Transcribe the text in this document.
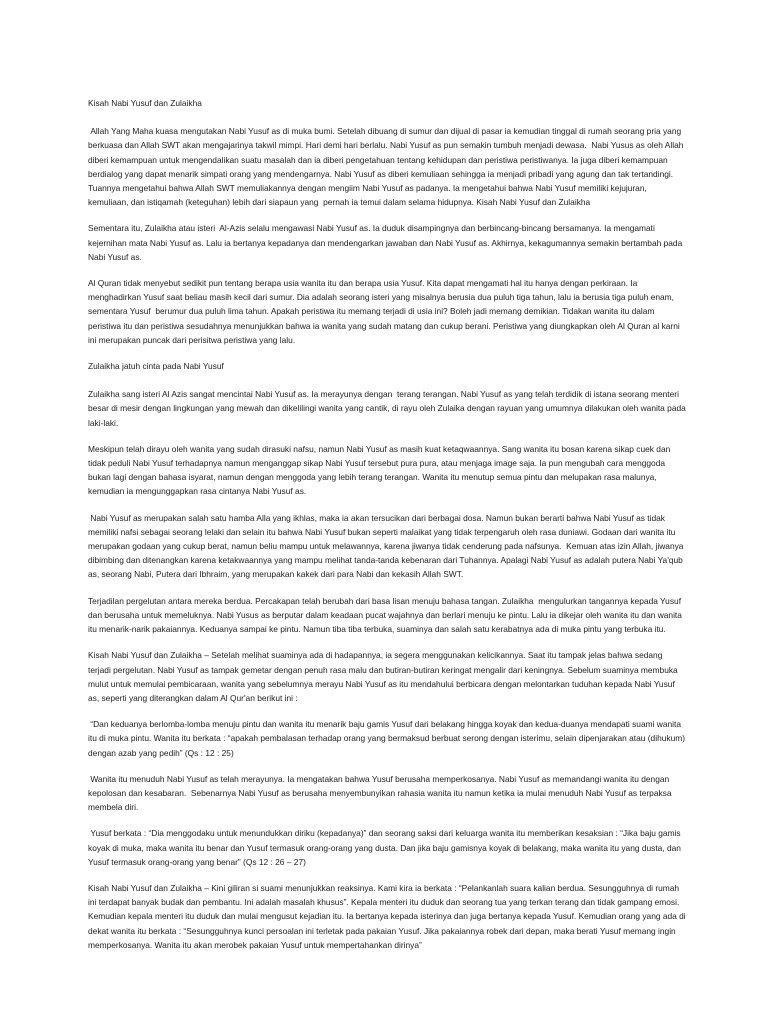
Kisah Nabi Yusuf dan Zulaikha

Allah Yang Maha kuasa mengutakan Nabi Yusuf as di muka bumi. Setelah dibuang di sumur dan dijual di pasar ia kemudian tinggal di rumah seorang pria yang berkuasa dan Allah SWT akan mengajarinya takwil mimpi. Hari demi hari berlalu. Nabi Yusuf as pun semakin tumbuh menjadi dewasa.  Nabi Yusus as oleh Allah diberi kemampuan untuk mengendalikan suatu masalah dan ia diberi pengetahuan tentang kehidupan dan peristiwa peristiwanya. Ia juga diberi kemampuan berdialog yang dapat menarik simpati orang yang mendengarnya. Nabi Yusuf as diberi kemuliaan sehingga ia menjadi pribadi yang agung dan tak tertandingi.  Tuannya mengetahui bahwa Allah SWT memuliakannya dengan mengiim Nabi Yusuf as padanya. Ia mengetahui bahwa Nabi Yusuf memiliki kejujuran, kemuliaan, dan istiqamah (keteguhan) lebih dari siapaun yang  pernah ia temui dalam selama hidupnya. Kisah Nabi Yusuf dan Zulaikha

Sementara itu, Zulaikha atau isteri  Al-Azis selalu mengawasi Nabi Yusuf as. Ia duduk disampingnya dan berbincang-bincang bersamanya. Ia mengamati kejernihan mata Nabi Yusuf as. Lalu ia bertanya kepadanya dan mendengarkan jawaban dan Nabi Yusuf as. Akhirnya, kekagumannya semakin bertambah pada Nabi Yusuf as.

Al Quran tidak menyebut sedikit pun tentang berapa usia wanita itu dan berapa usia Yusuf. Kita dapat mengamati hal itu hanya dengan perkiraan. Ia menghadirkan Yusuf saat beliau masih kecil dari sumur. Dia adalah seorang isteri yang misalnya berusia dua puluh tiga tahun, lalu ia berusia tiga puluh enam, sementara Yusuf  berumur dua puluh lima tahun. Apakah peristiwa itu memang terjadi di usia ini? Boleh jadi memang demikian. Tidakan wanita itu dalam peristiwa itu dan peristiwa sesudahnya menunjukkan bahwa ia wanita yang sudah matang dan cukup berani. Peristiwa yang diungkapkan oleh Al Quran al karni ini merupakan puncak dari perisitwa peristiwa yang lalu.

Zulaikha jatuh cinta pada Nabi Yusuf

Zulaikha sang isteri Al Azis sangat mencintai Nabi Yusuf as. Ia merayunya dengan  terang terangan. Nabi Yusuf as yang telah terdidik di istana seorang menteri besar di mesir dengan lingkungan yang mewah dan dikelilingi wanita yang cantik, di rayu oleh Zulaika dengan rayuan yang umumnya dilakukan oleh wanita pada laki-laki.

Meskipun telah dirayu oleh wanita yang sudah dirasuki nafsu, namun Nabi Yusuf as masih kuat ketaqwaannya. Sang wanita itu bosan karena sikap cuek dan tidak peduli Nabi Yusuf terhadapnya namun menganggap sikap Nabi Yusuf tersebut pura pura, atau menjaga image saja. Ia pun mengubah cara menggoda bukan lagi dengan bahasa isyarat, namun dengan menggoda yang lebih terang terangan. Wanita itu menutup semua pintu dan melupakan rasa malunya, kemudian ia mengunggapkan rasa cintanya Nabi Yusuf as.

Nabi Yusuf as merupakan salah satu hamba Alla yang ikhlas, maka ia akan tersucikan dari berbagai dosa. Namun bukan berarti bahwa Nabi Yusuf as tidak memiliki nafsi sebagai seorang lelaki dan selain itu bahwa Nabi Yusuf bukan seperti malaikat yang tidak terpengaruh oleh rasa duniawi. Godaan dari wanita itu merupakan godaan yang cukup berat, namun beliu mampu untuk melawannya, karena jiwanya tidak cenderung pada nafsunya.  Kemuan atas izin Allah, jiwanya dibimbing dan ditenangkan karena ketakwaannya yang mampu melihat tanda-tanda kebenaran dari Tuhannya. Apalagi Nabi Yusuf as adalah putera Nabi Ya'qub as, seorang Nabi, Putera dari Ibhraim, yang merupakan kakek dari para Nabi dan kekasih Allah SWT.

Terjadilan pergelutan antara mereka berdua. Percakapan telah berubah dari basa lisan menuju bahasa tangan. Zulaikha  mengulurkan tangannya kepada Yusuf dan berusaha untuk memeluknya. Nabi Yusus as berputar dalam keadaan pucat wajahnya dan berlari menuju ke pintu. Lalu ia dikejar oleh wanita itu dan wanita itu menarik-narik pakaiannya. Keduanya sampai ke pintu. Namun tiba tiba terbuka, suaminya dan salah satu kerabatnya ada di muka pintu yang terbuka itu.

Kisah Nabi Yusuf dan Zulaikha – Setelah melihat suaminya ada di hadapannya, ia segera menggunakan kelicikannya. Saat itu tampak jelas bahwa sedang terjadi pergelutan. Nabi Yusuf as tampak gemetar dengan penuh rasa malu dan butiran-butiran keringat mengalir dari keningnya. Sebelum suaminya membuka mulut untuk memulai pembicaraan, wanita yang sebelumnya merayu Nabi Yusuf as itu mendahului berbicara dengan melontarkan tuduhan kepada Nabi Yusuf as, seperti yang diterangkan dalam Al Qur'an berikut ini :

“Dan keduanya berlomba-lomba menuju pintu dan wanita itu menarik baju gamis Yusuf dari belakang hingga koyak dan kedua-duanya mendapati suami wanita itu di muka pintu. Wanita itu berkata : “apakah pembalasan terhadap orang yang bermaksud berbuat serong dengan isterimu, selain dipenjarakan atau (dihukum) dengan azab yang pedih” (Qs : 12 : 25)

Wanita itu menuduh Nabi Yusuf as telah merayunya. Ia mengatakan bahwa Yusuf berusaha memperkosanya. Nabi Yusuf as memandangi wanita itu dengan kepolosan dan kesabaran.  Sebenarnya Nabi Yusuf as berusaha menyembunyikan rahasia wanita itu namun ketika ia mulai menuduh Nabi Yusuf as terpaksa membela diri.

Yusuf berkata : “Dia menggodaku untuk menundukkan diriku (kepadanya)” dan seorang saksi dari keluarga wanita itu memberikan kesaksian : “Jika baju gamis koyak di muka, maka wanita itu benar dan Yusuf termasuk orang-orang yang dusta. Dan jika baju gamisnya koyak di belakang, maka wanita itu yang dusta, dan Yusuf termasuk orang-orang yang benar” (Qs 12 : 26 – 27)

Kisah Nabi Yusuf dan Zulaikha – Kini giliran si suami menunjukkan reaksinya. Kami kira ia berkata : “Pelankanlah suara kalian berdua. Sesungguhnya di rumah ini terdapat banyak budak dan pembantu. Ini adalah masalah khusus”. Kepala menteri itu duduk dan seorang tua yang terkan terang dan tidak gampang emosi. Kemudian kepala menteri itu duduk dan mulai mengusut kejadian itu. Ia bertanya kepada isterinya dan juga bertanya kepada Yusuf. Kemudian orang yang ada di dekat wanita itu berkata : “Sesungguhnya kunci persoalan ini terletak pada pakaian Yusuf. Jika pakaiannya robek dari depan, maka berati Yusuf memang ingin memperkosanya. Wanita itu akan merobek pakaian Yusuf untuk mempertahankan dirinya”
